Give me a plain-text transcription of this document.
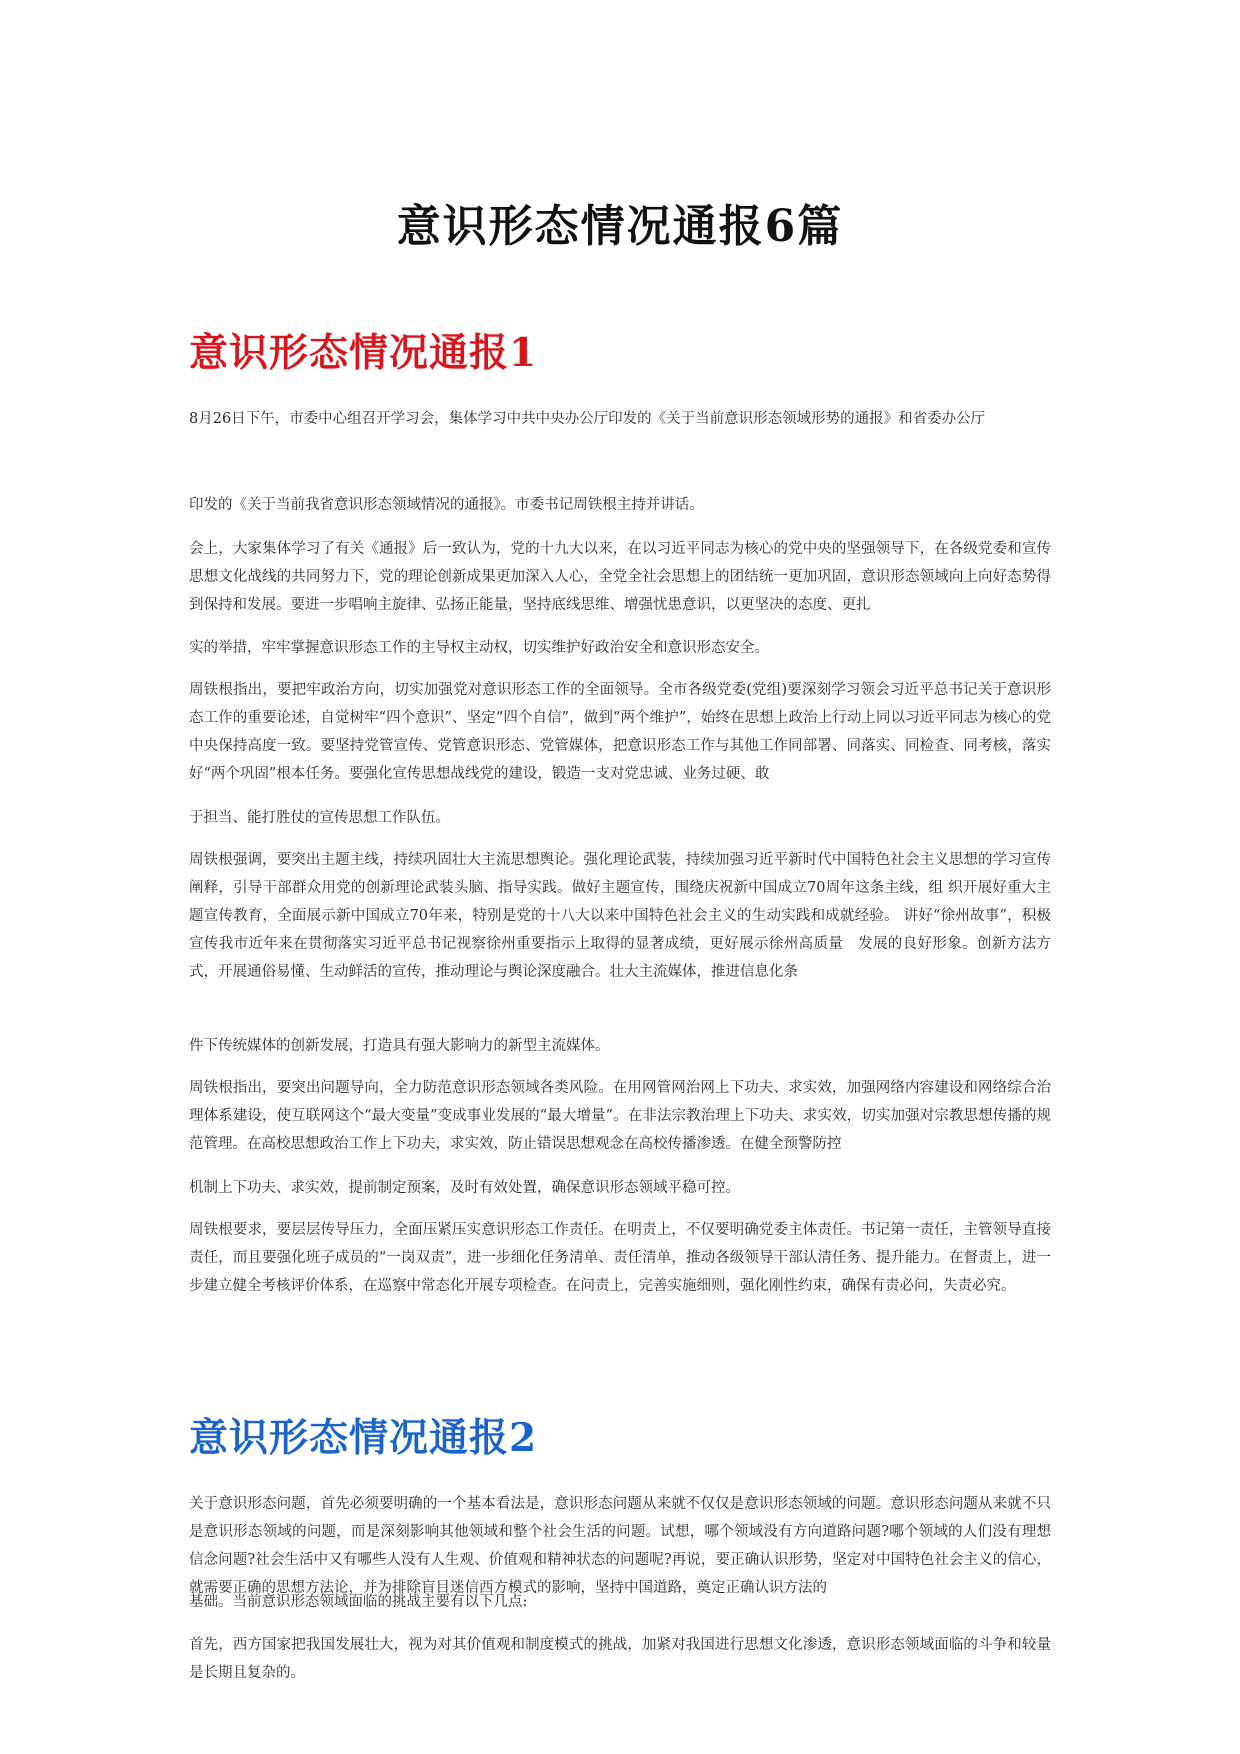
意识形态情况通报6篇
意识形态情况通报1

8月26日下午，市委中心组召开学习会，集体学习中共中央办公厅印发的《关于当前意识形态领域形势的通报》和省委办公厅

印发的《关于当前我省意识形态领域情况的通报》。市委书记周铁根主持并讲话。

会上，大家集体学习了有关《通报》后一致认为，党的十九大以来，在以习近平同志为核心的党中央的坚强领导下，在各级党委和宣传思想文化战线的共同努力下，党的理论创新成果更加深入人心，全党全社会思想上的团结统一更加巩固，意识形态领域向上向好态势得到保持和发展。要进一步唱响主旋律、弘扬正能量，坚持底线思维、增强忧患意识，以更坚决的态度、更扎

实的举措，牢牢掌握意识形态工作的主导权主动权，切实维护好政治安全和意识形态安全。

周铁根指出，要把牢政治方向，切实加强党对意识形态工作的全面领导。全市各级党委(党组)要深刻学习领会习近平总书记关于意识形态工作的重要论述，自觉树牢“四个意识”、坚定“四个自信”，做到“两个维护”，始终在思想上政治上行动上同以习近平同志为核心的党中央保持高度一致。要坚持党管宣传、党管意识形态、党管媒体，把意识形态工作与其他工作同部署、同落实、同检查、同考核，落实好“两个巩固”根本任务。要强化宣传思想战线党的建设，锻造一支对党忠诚、业务过硬、敢

于担当、能打胜仗的宣传思想工作队伍。

周铁根强调，要突出主题主线，持续巩固壮大主流思想舆论。强化理论武装，持续加强习近平新时代中国特色社会主义思想的学习宣传阐释，引导干部群众用党的创新理论武装头脑、指导实践。做好主题宣传，围绕庆祝新中国成立70周年这条主线，组 织开展好重大主题宣传教育，全面展示新中国成立70年来，特别是党的十八大以来中国特色社会主义的生动实践和成就经验。 讲好“徐州故事”，积极宣传我市近年来在贯彻落实习近平总书记视察徐州重要指示上取得的显著成绩，更好展示徐州高质量　发展的良好形象。创新方法方式，开展通俗易懂、生动鲜活的宣传，推动理论与舆论深度融合。壮大主流媒体，推进信息化条

件下传统媒体的创新发展，打造具有强大影响力的新型主流媒体。

周铁根指出，要突出问题导向，全力防范意识形态领域各类风险。在用网管网治网上下功夫、求实效，加强网络内容建设和网络综合治理体系建设，使互联网这个“最大变量”变成事业发展的“最大增量”。在非法宗教治理上下功夫、求实效，切实加强对宗教思想传播的规范管理。在高校思想政治工作上下功夫，求实效，防止错误思想观念在高校传播渗透。在健全预警防控

机制上下功夫、求实效，提前制定预案，及时有效处置，确保意识形态领域平稳可控。

周铁根要求，要层层传导压力，全面压紧压实意识形态工作责任。在明责上，不仅要明确党委主体责任。书记第一责任，主管领导直接责任，而且要强化班子成员的“一岗双责”，进一步细化任务清单、责任清单，推动各级领导干部认清任务、提升能力。在督责上，进一步建立健全考核评价体系，在巡察中常态化开展专项检查。在问责上，完善实施细则，强化刚性约束，确保有责必问，失责必究。

意识形态情况通报2

关于意识形态问题，首先必须要明确的一个基本看法是，意识形态问题从来就不仅仅是意识形态领域的问题。意识形态问题从来就不只是意识形态领域的问题，而是深刻影响其他领域和整个社会生活的问题。试想，哪个领域没有方向道路问题?哪个领域的人们没有理想信念问题?社会生活中又有哪些人没有人生观、价值观和精神状态的问题呢?再说，要正确认识形势，坚定对中国特色社会主义的信心，就需要正确的思想方法论，并为排除盲目迷信西方模式的影响，坚持中国道路，奠定正确认识方法的

基础。当前意识形态领域面临的挑战主要有以下几点:

首先，西方国家把我国发展壮大，视为对其价值观和制度模式的挑战，加紧对我国进行思想文化渗透，意识形态领域面临的斗争和较量是长期且复杂的。
